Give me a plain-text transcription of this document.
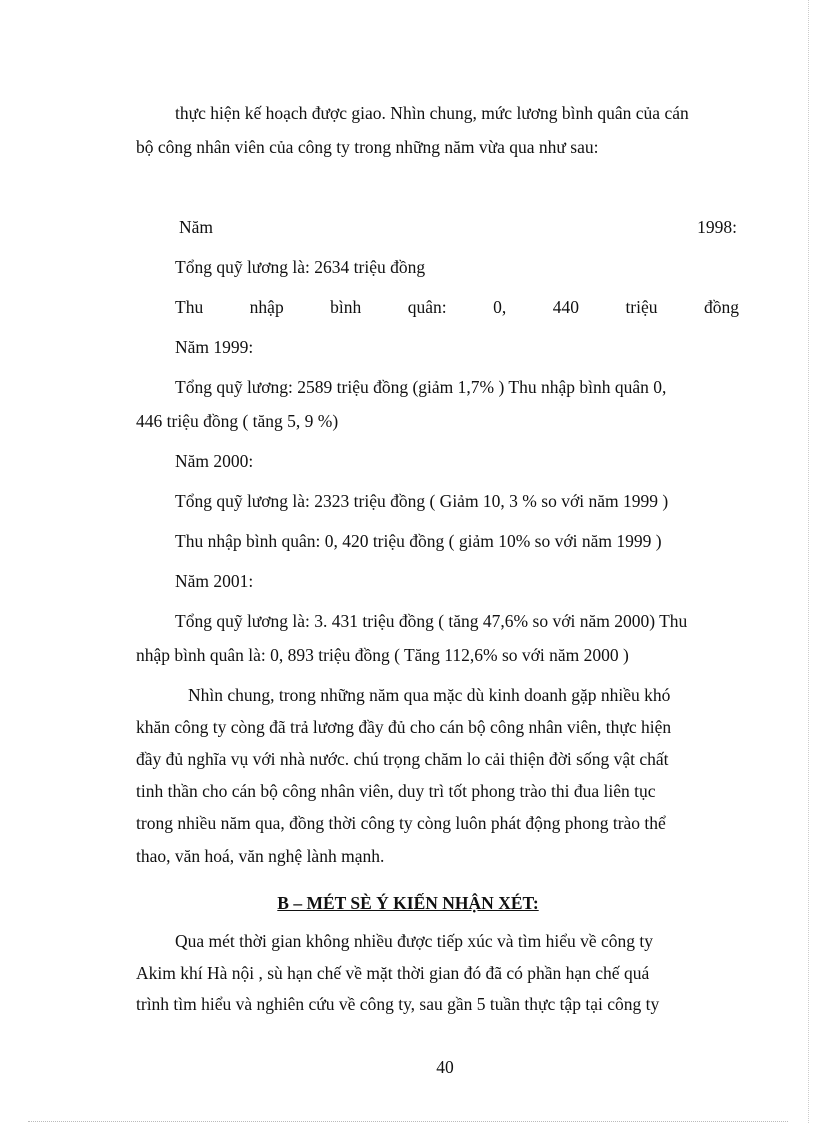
thực hiện kế hoạch được giao. Nhìn chung, mức lương bình quân của cán
bộ công nhân viên của công ty trong những năm vừa qua như sau:
Năm	1998:
Tổng quỹ lương là: 2634 triệu đồng
Thu	nhập	bình	quân:	0,	440	triệu	đồng
Năm 1999:
Tổng quỹ lương: 2589 triệu đồng (giảm 1,7% ) Thu nhập bình quân 0,
446 triệu đồng ( tăng 5, 9 %)
Năm 2000:
Tổng quỹ lương là: 2323 triệu đồng ( Giảm 10, 3 % so với năm 1999 )
Thu nhập bình quân: 0, 420 triệu đồng ( giảm 10% so với năm 1999 )
Năm 2001:
Tổng quỹ lương là: 3. 431 triệu đồng ( tăng 47,6% so với năm 2000) Thu
nhập bình quân là: 0, 893 triệu đồng ( Tăng 112,6% so với năm 2000 )
Nhìn chung, trong những năm qua mặc dù kinh doanh gặp nhiều khó
khăn công ty còng đã trả lương đầy đủ cho cán bộ công nhân viên, thực hiện
đầy đủ nghĩa vụ với nhà nước. chú trọng chăm lo cải thiện đời sống vật chất
tinh thần cho cán bộ công nhân viên, duy trì tốt phong trào thi đua liên tục
trong nhiều năm qua, đồng thời công ty còng luôn phát động phong trào thể
thao, văn hoá, văn nghệ lành mạnh.
B – MÉT SÈ Ý KIẾN NHẬN XÉT:
Qua mét thời gian không nhiều được tiếp xúc và tìm hiểu về công ty
Akim khí Hà nội , sù hạn chế về mặt thời gian đó đã có phần hạn chế quá
trình tìm hiểu và nghiên cứu về công ty, sau gần 5 tuần thực tập tại công ty
40
